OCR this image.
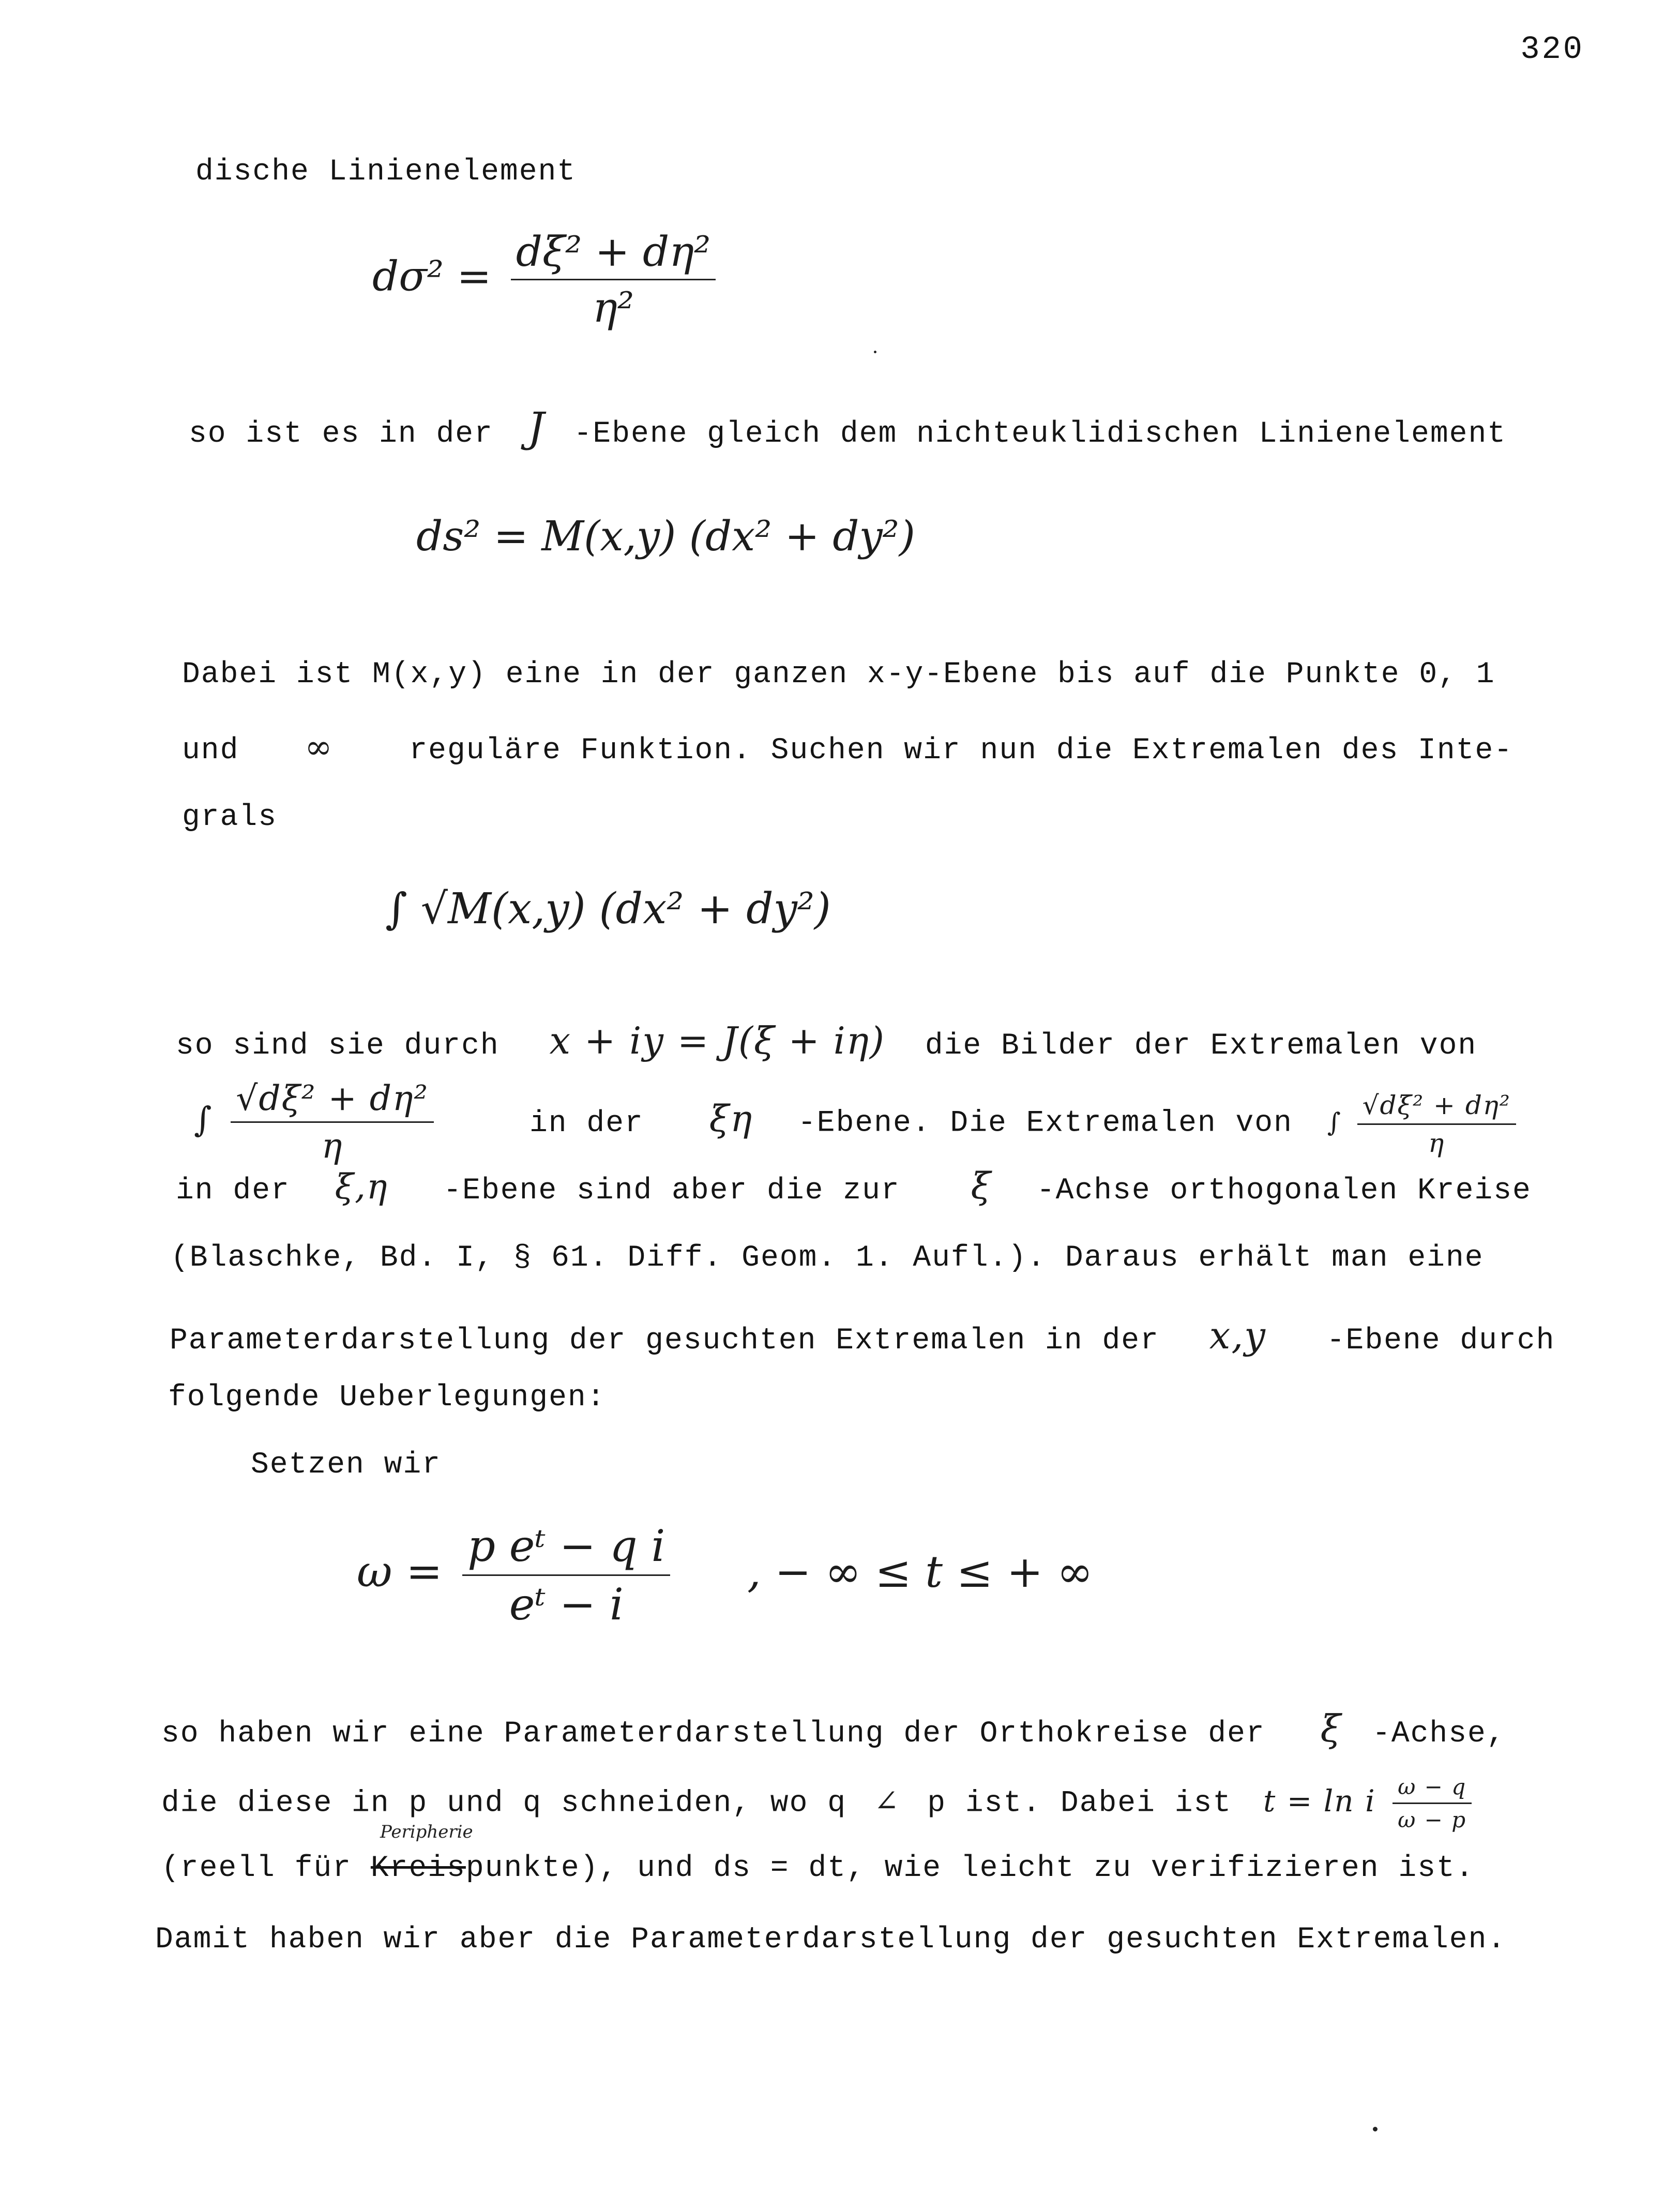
320
dische Linienelement
$d\sigma^2 = \frac{\text{dξ² + dη²}}{\text{η²}}$
so ist es in der J -Ebene gleich dem nichteuklidischen Linienelement
ds² = M(x,y) (dx² + dy²)
Dabei ist M(x,y) eine in der ganzen x-y-Ebene bis auf die Punkte 0, 1
und ∞	reguläre Funktion. Suchen wir nun die Extremalen des Inte-
grals
∫ √M(x,y) (dx² + dy²)
so sind sie durch x + iy = J(ξ + iη) die Bilder der Extremalen von
∫ $\frac{\text{√dξ² + dη²}}{\eta}$	in der ξη -Ebene. Die Extremalen von ∫ $\frac{\text{√dξ² + dη²}}{\eta}$
in der ξ,η -Ebene sind aber die zur ξ -Achse orthogonalen Kreise
(Blaschke, Bd. I, § 61. Diff. Geom. 1. Aufl.). Daraus erhält man eine
Parameterdarstellung der gesuchten Extremalen in der x,y -Ebene durch
folgende Ueberlegungen:
Setzen wir
$\omega = \frac{\text{p eᵗ − q i}}{\text{eᵗ − i}}$ , − ∞ ≤ t ≤ + ∞
so haben wir eine Parameterdarstellung der Orthokreise der ξ -Achse,
die diese in p und q schneiden, wo q ∠ p ist. Dabei ist t = ln i $\frac{\omega - q}{\omega - p}$
Peripherie
(reell für Kreispunkte), und ds = dt, wie leicht zu verifizieren ist.
Damit haben wir aber die Parameterdarstellung der gesuchten Extremalen.
